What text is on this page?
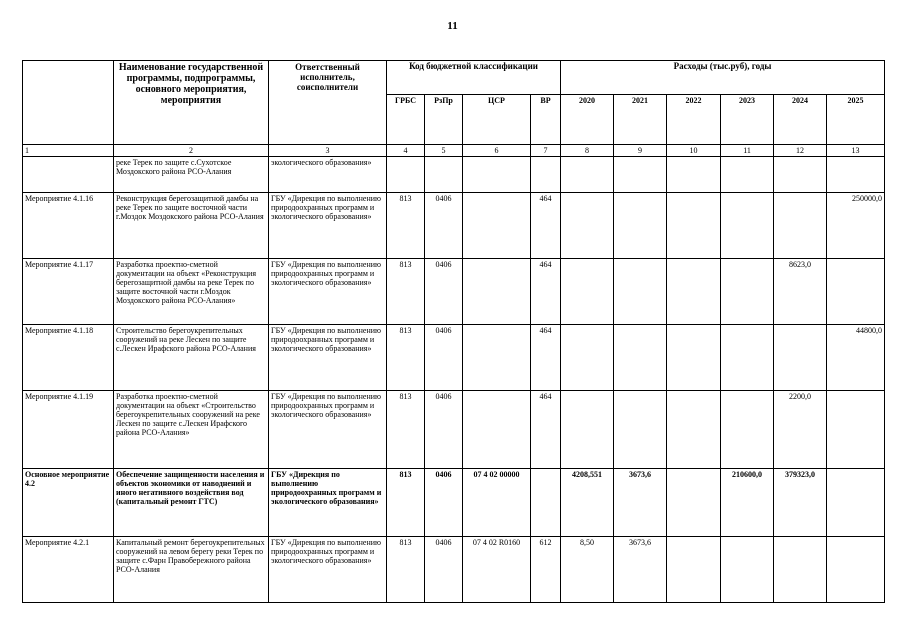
11
	Наименование государственной программы, подпрограммы, основного мероприятия, мероприятия	Ответственный исполнитель, соисполнители	Код бюджетной классификации				Расходы (тыс.руб), годы					
			ГРБС	РзПр	ЦСР	ВР	2020	2021	2022	2023	2024	2025
1	2	3	4	5	6	7	8	9	10	11	12	13
	реке Терек по защите с.Сухотское Моздокского района РСО-Алания	экологического образования»										
Мероприятие 4.1.16	Реконструкция берегозащитной дамбы на реке Терек по защите восточной части г.Моздок Моздокского района РСО-Алания	ГБУ «Дирекция по выполнению природоохранных программ и экологического образования»	813	0406		464						250000,0
Мероприятие 4.1.17	Разработка проектно-сметной документации на объект «Реконструкция берегозащитной дамбы на реке Терек по защите восточной части г.Моздок Моздокского района РСО-Алания»	ГБУ «Дирекция по выполнению природоохранных программ и экологического образования»	813	0406		464					8623,0	
Мероприятие 4.1.18	Строительство берегоукрепительных сооружений на реке Лескен по защите с.Лескен Ирафского района РСО-Алания	ГБУ «Дирекция по выполнению природоохранных программ и экологического образования»	813	0406		464						44800,0
Мероприятие 4.1.19	Разработка проектно-сметной документации на объект «Строительство берегоукрепительных сооружений на реке Лескен по защите с.Лескен Ирафского района РСО-Алания»	ГБУ «Дирекция по выполнению природоохранных программ и экологического образования»	813	0406		464					2200,0	
Основное мероприятие 4.2	Обеспечение защищенности населения и объектов экономики от наводнений и иного негативного воздействия вод (капитальный ремонт ГТС)	ГБУ «Дирекция по выполнению природоохранных программ и экологического образования»	813	0406	07 4 02 00000		4208,551	3673,6		210600,0	379323,0	
Мероприятие 4.2.1	Капитальный ремонт берегоукрепительных сооружений на левом берегу реки Терек по защите с.Фарн Правобережного района РСО-Алания	ГБУ «Дирекция по выполнению природоохранных программ и экологического образования»	813	0406	07 4 02 R0160	612	8,50	3673,6				
